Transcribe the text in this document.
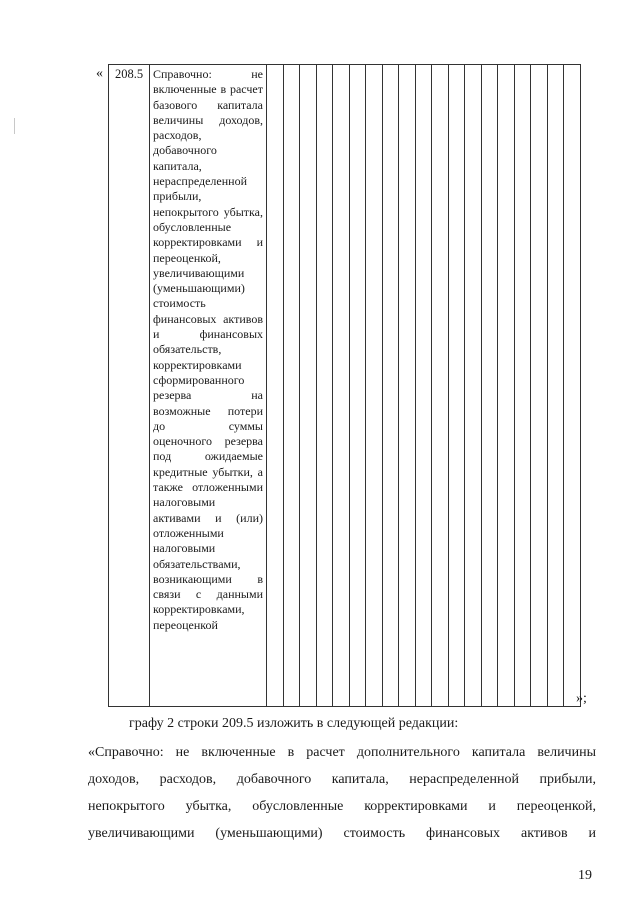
« 208.5	Справочно: не включенные в расчет базового капитала величины доходов, расходов, добавочного капитала, нераспределенной прибыли, непокрытого убытка, обусловленные корректировками и переоценкой, увеличивающими (уменьшающими) стоимость финансовых активов и финансовых обязательств, корректировками сформированного резерва на возможные потери до суммы оценочного резерва под ожидаемые кредитные убытки, а также отложенными налоговыми активами и (или) отложенными налоговыми обязательствами, возникающими в связи с данными корректировками, переоценкой																			
»;
графу 2 строки 209.5 изложить в следующей редакции:
«Справочно: не включенные в расчет дополнительного капитала величины
доходов, расходов, добавочного капитала, нераспределенной прибыли,
непокрытого убытка, обусловленные корректировками и переоценкой,
увеличивающими (уменьшающими) стоимость финансовых активов и
19
